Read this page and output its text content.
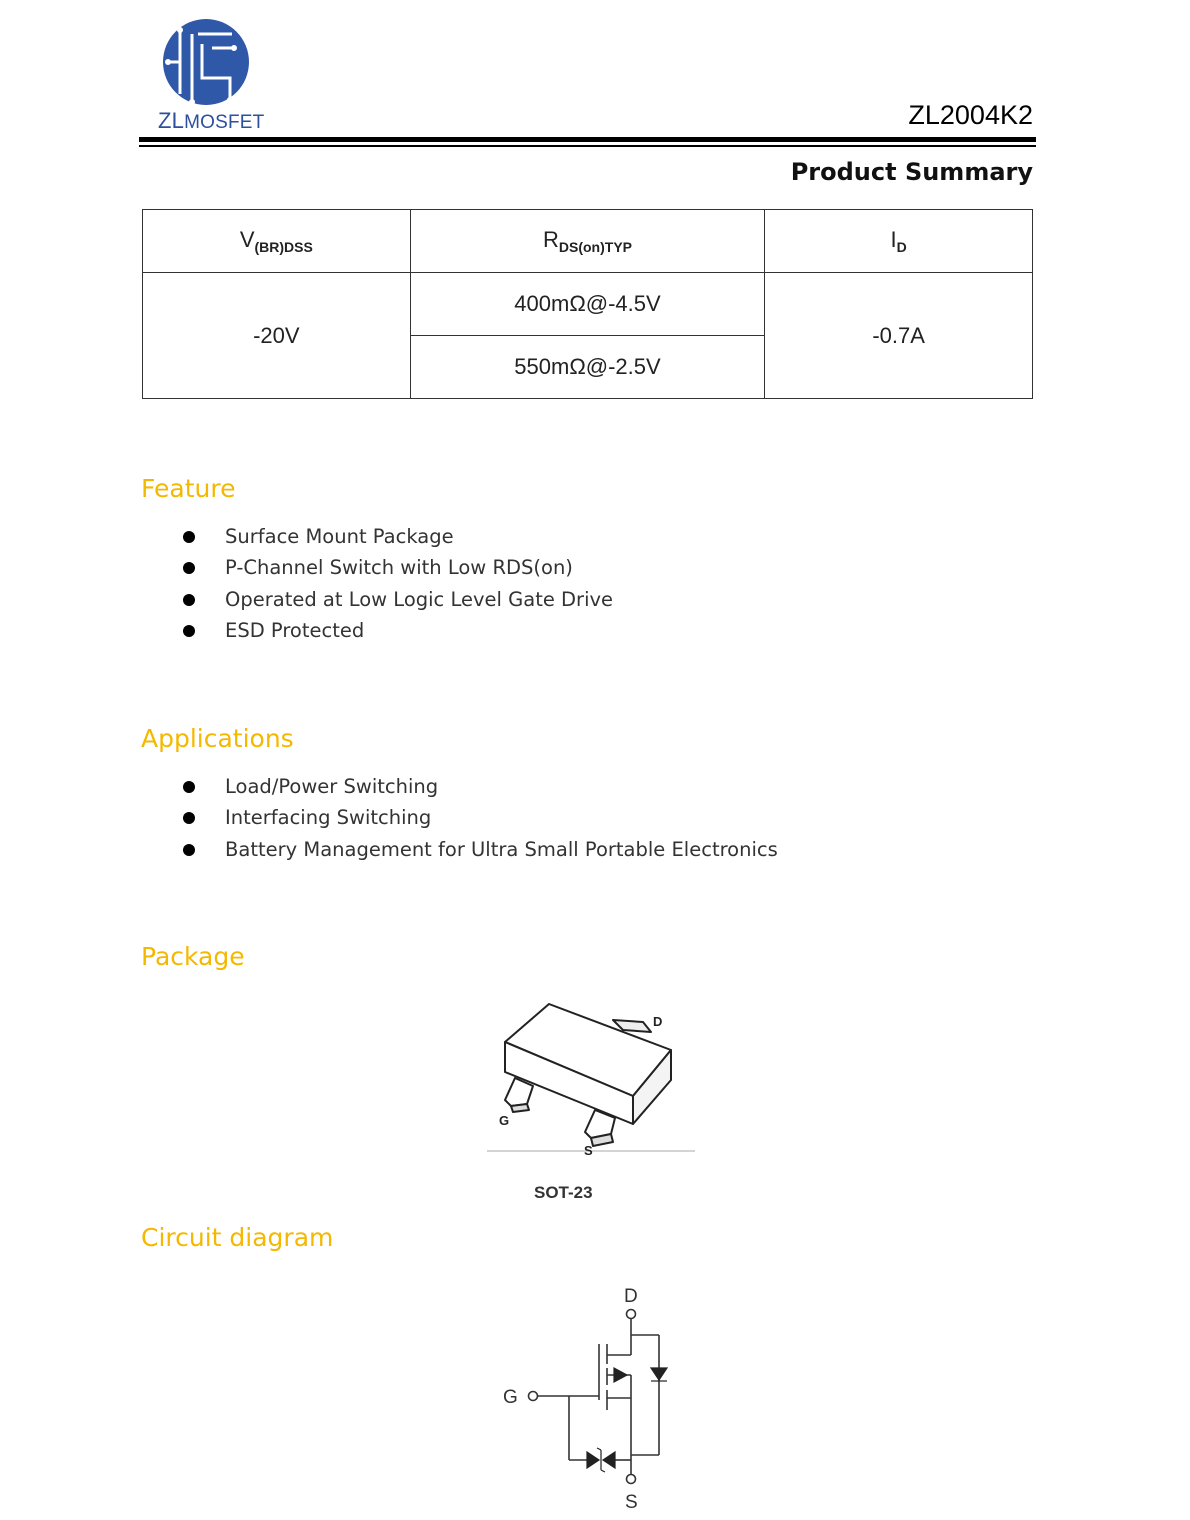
ZLMOSFET	ZL2004K2
Product Summary
$V_{(BR)DSS}$	$R_{DS(on)TYP}$	$I_D$
-20V	400mΩ@-4.5V	-0.7A
	550mΩ@-2.5V	
Feature
Surface Mount Package
P-Channel Switch with Low RDS(on)
Operated at Low Logic Level Gate Drive
ESD Protected
Applications
Load/Power Switching
Interfacing Switching
Battery Management for Ultra Small Portable Electronics
Package
D
G
S
SOT-23
Circuit diagram
D
G
S
